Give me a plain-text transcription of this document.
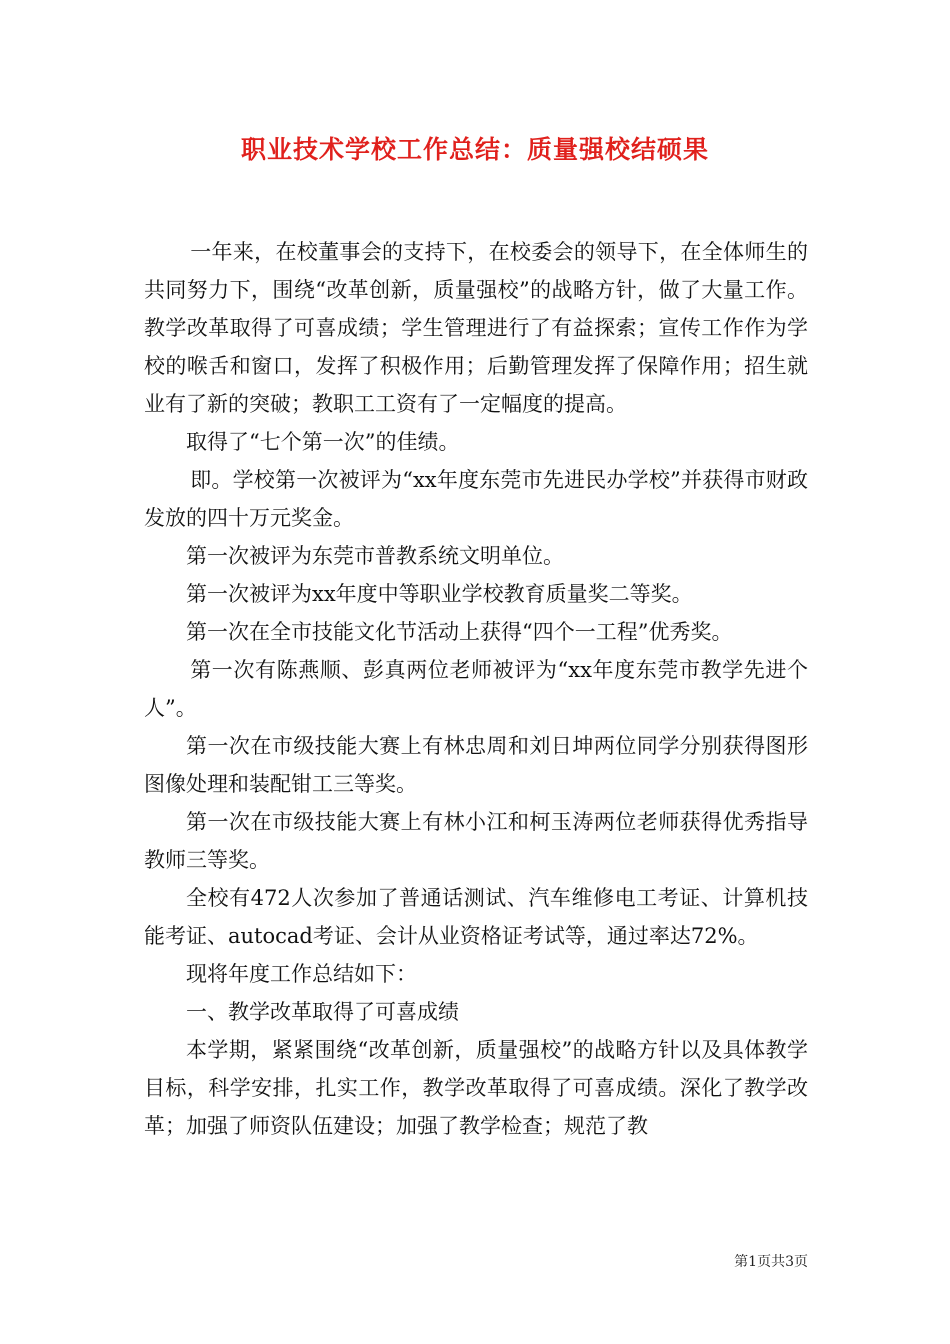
职业技术学校工作总结：质量强校结硕果

一年来，在校董事会的支持下，在校委会的领导下，在全体师生的共同努力下，围绕“改革创新，质量强校”的战略方针，做了大量工作。教学改革取得了可喜成绩；学生管理进行了有益探索；宣传工作作为学校的喉舌和窗口，发挥了积极作用；后勤管理发挥了保障作用；招生就业有了新的突破；教职工工资有了一定幅度的提高。

取得了“七个第一次”的佳绩。

即。学校第一次被评为“xx年度东莞市先进民办学校”并获得市财政发放的四十万元奖金。

第一次被评为东莞市普教系统文明单位。

第一次被评为xx年度中等职业学校教育质量奖二等奖。

第一次在全市技能文化节活动上获得“四个一工程”优秀奖。

第一次有陈燕顺、彭真两位老师被评为“xx年度东莞市教学先进个人”。

第一次在市级技能大赛上有林忠周和刘日坤两位同学分别获得图形图像处理和装配钳工三等奖。

第一次在市级技能大赛上有林小江和柯玉涛两位老师获得优秀指导教师三等奖。

全校有472人次参加了普通话测试、汽车维修电工考证、计算机技能考证、autocad考证、会计从业资格证考试等，通过率达72%。

现将年度工作总结如下：

一、教学改革取得了可喜成绩

本学期，紧紧围绕“改革创新，质量强校”的战略方针以及具体教学目标，科学安排，扎实工作，教学改革取得了可喜成绩。深化了教学改革；加强了师资队伍建设；加强了教学检查；规范了教

第1页共3页
